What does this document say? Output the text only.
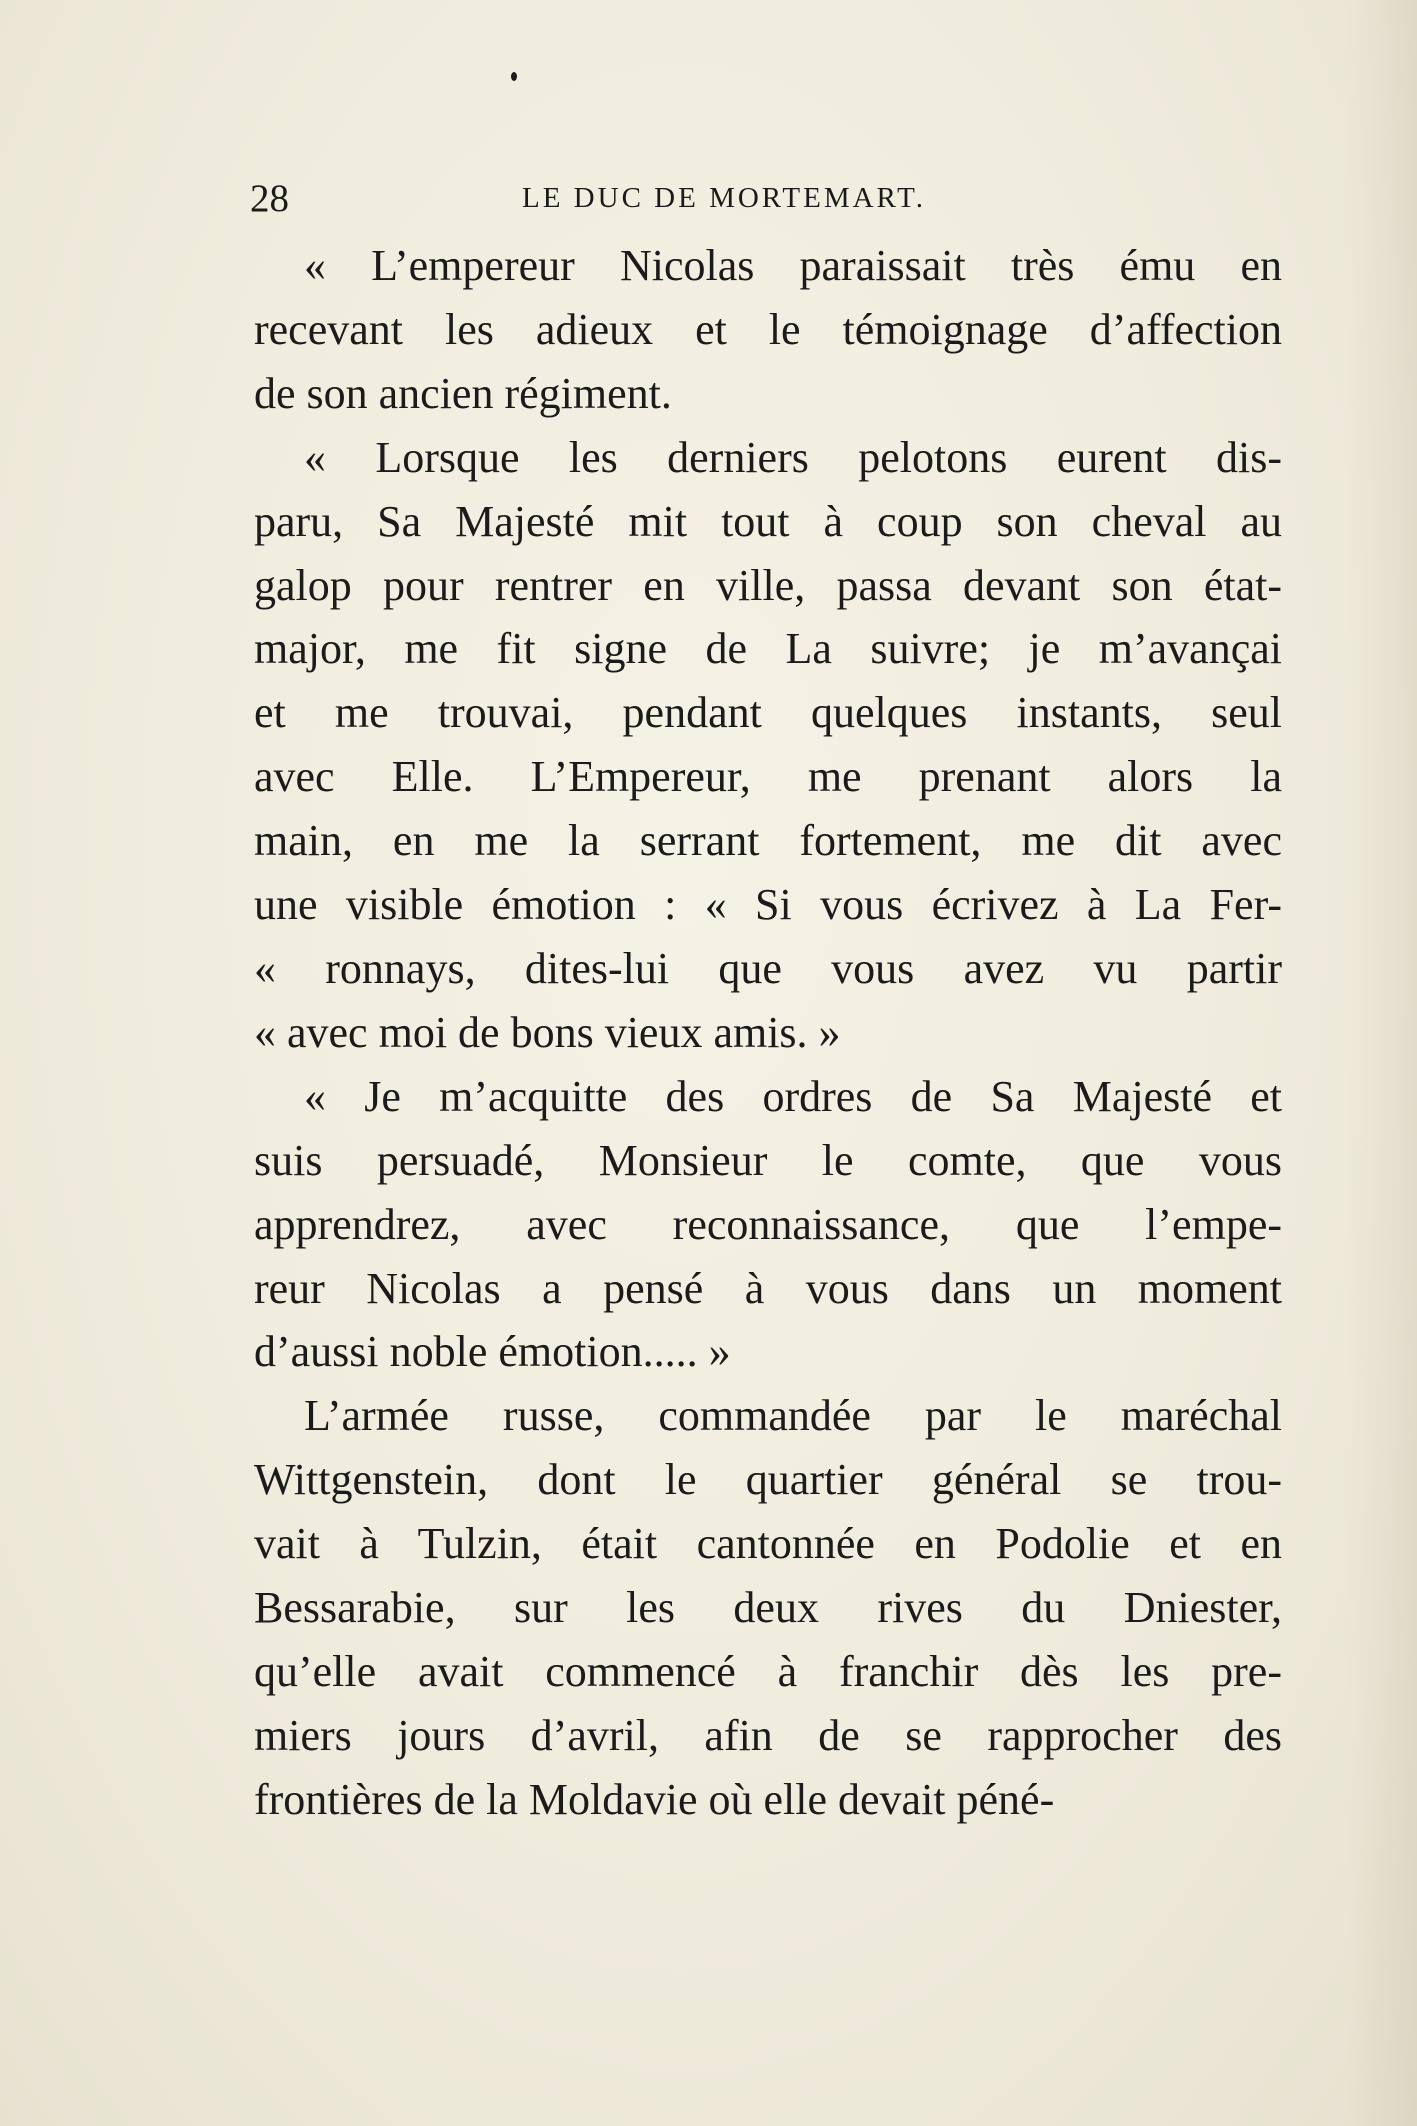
28	LE DUC DE MORTEMART.

« L’empereur Nicolas paraissait très ému en
recevant les adieux et le témoignage d’affection
de son ancien régiment.

« Lorsque les derniers pelotons eurent dis-
paru, Sa Majesté mit tout à coup son cheval au
galop pour rentrer en ville, passa devant son état-
major, me fit signe de La suivre; je m’avançai
et me trouvai, pendant quelques instants, seul
avec Elle. L’Empereur, me prenant alors la
main, en me la serrant fortement, me dit avec
une visible émotion : « Si vous écrivez à La Fer-
« ronnays, dites-lui que vous avez vu partir
« avec moi de bons vieux amis. »

« Je m’acquitte des ordres de Sa Majesté et
suis persuadé, Monsieur le comte, que vous
apprendrez, avec reconnaissance, que l’empe-
reur Nicolas a pensé à vous dans un moment
d’aussi noble émotion..... »

L’armée russe, commandée par le maréchal
Wittgenstein, dont le quartier général se trou-
vait à Tulzin, était cantonnée en Podolie et en
Bessarabie, sur les deux rives du Dniester,
qu’elle avait commencé à franchir dès les pre-
miers jours d’avril, afin de se rapprocher des
frontières de la Moldavie où elle devait péné-
